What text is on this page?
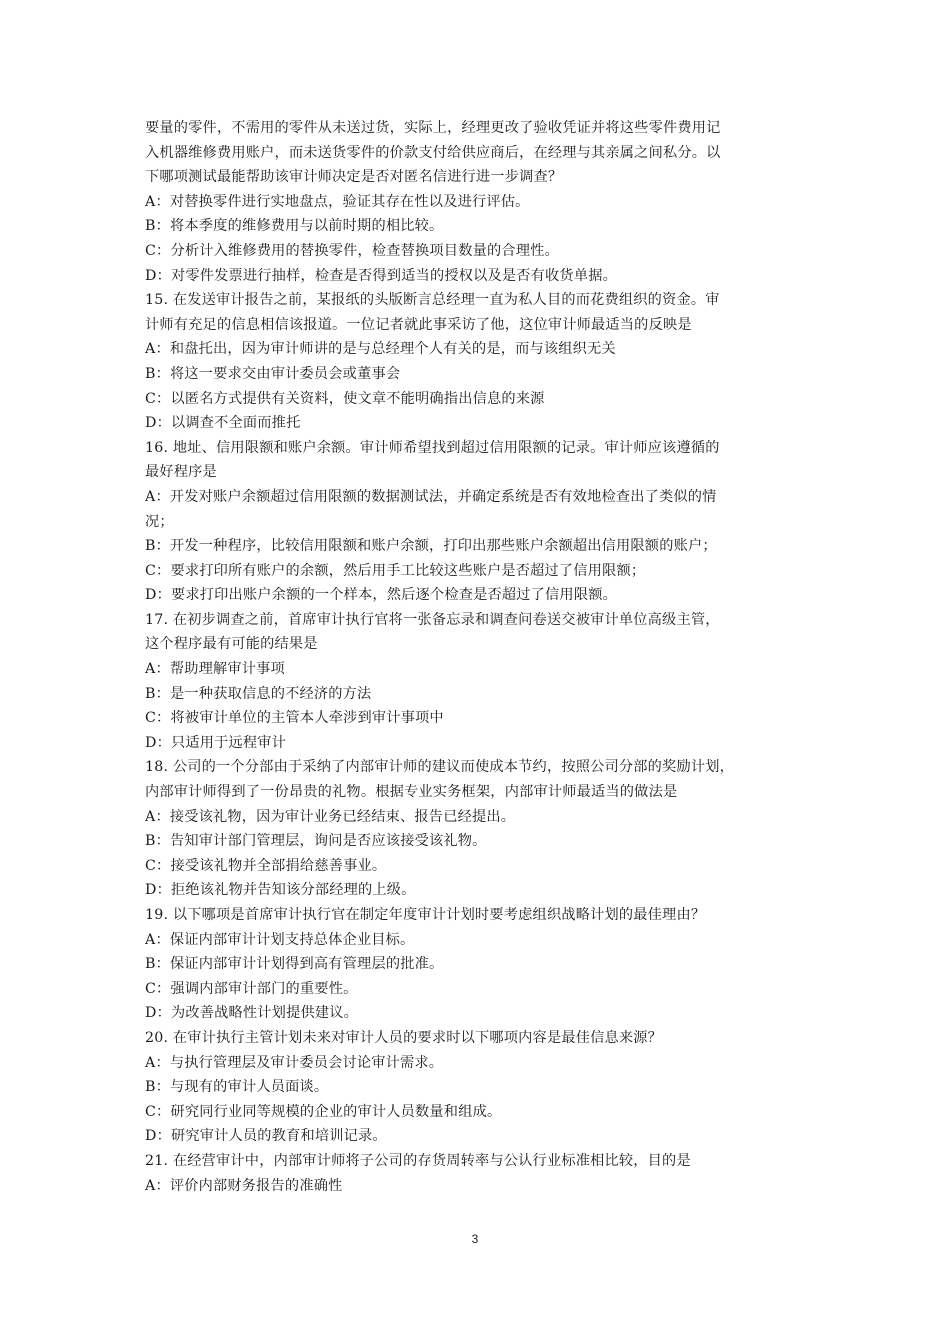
要量的零件，不需用的零件从未送过货，实际上，经理更改了验收凭证并将这些零件费用记
入机器维修费用账户，而未送货零件的价款支付给供应商后，在经理与其亲属之间私分。以
下哪项测试最能帮助该审计师决定是否对匿名信进行进一步调查？
A：对替换零件进行实地盘点，验证其存在性以及进行评估。
B：将本季度的维修费用与以前时期的相比较。
C：分析计入维修费用的替换零件，检查替换项目数量的合理性。
D：对零件发票进行抽样，检查是否得到适当的授权以及是否有收货单据。
15. 在发送审计报告之前，某报纸的头版断言总经理一直为私人目的而花费组织的资金。审
计师有充足的信息相信该报道。一位记者就此事采访了他，这位审计师最适当的反映是
A：和盘托出，因为审计师讲的是与总经理个人有关的是，而与该组织无关
B：将这一要求交由审计委员会或董事会
C：以匿名方式提供有关资料，使文章不能明确指出信息的来源
D：以调查不全面而推托
16. 地址、信用限额和账户余额。审计师希望找到超过信用限额的记录。审计师应该遵循的
最好程序是
A：开发对账户余额超过信用限额的数据测试法，并确定系统是否有效地检查出了类似的情
况；
B：开发一种程序，比较信用限额和账户余额，打印出那些账户余额超出信用限额的账户；
C：要求打印所有账户的余额，然后用手工比较这些账户是否超过了信用限额；
D：要求打印出账户余额的一个样本，然后逐个检查是否超过了信用限额。
17. 在初步调查之前，首席审计执行官将一张备忘录和调查问卷送交被审计单位高级主管，
这个程序最有可能的结果是
A：帮助理解审计事项
B：是一种获取信息的不经济的方法
C：将被审计单位的主管本人牵涉到审计事项中
D：只适用于远程审计
18. 公司的一个分部由于采纳了内部审计师的建议而使成本节约，按照公司分部的奖励计划，
内部审计师得到了一份昂贵的礼物。根据专业实务框架，内部审计师最适当的做法是
A：接受该礼物，因为审计业务已经结束、报告已经提出。
B：告知审计部门管理层，询问是否应该接受该礼物。
C：接受该礼物并全部捐给慈善事业。
D：拒绝该礼物并告知该分部经理的上级。
19. 以下哪项是首席审计执行官在制定年度审计计划时要考虑组织战略计划的最佳理由？
A：保证内部审计计划支持总体企业目标。
B：保证内部审计计划得到高有管理层的批准。
C：强调内部审计部门的重要性。
D：为改善战略性计划提供建议。
20. 在审计执行主管计划未来对审计人员的要求时以下哪项内容是最佳信息来源？
A：与执行管理层及审计委员会讨论审计需求。
B：与现有的审计人员面谈。
C：研究同行业同等规模的企业的审计人员数量和组成。
D：研究审计人员的教育和培训记录。
21. 在经营审计中，内部审计师将子公司的存货周转率与公认行业标准相比较，目的是
A：评价内部财务报告的准确性
3
